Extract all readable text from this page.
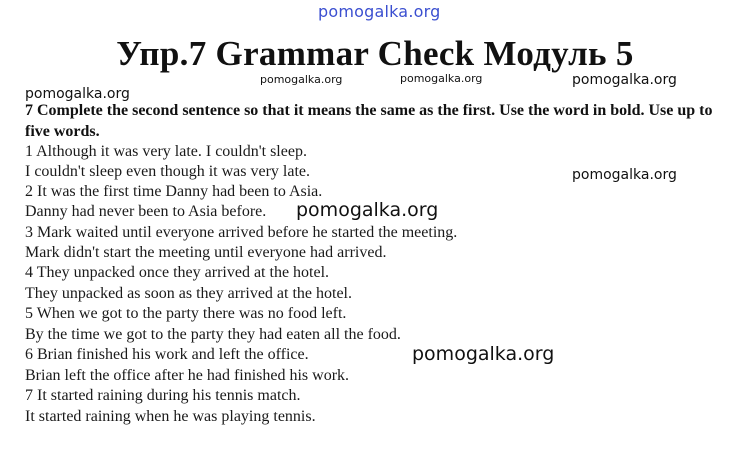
pomogalka.org
Упр.7 Grammar Check Модуль 5
pomogalka.org
pomogalka.org	pomogalka.org	pomogalka.org
7 Complete the second sentence so that it means the same as the first. Use the word in bold. Use up to five words.
1 Although it was very late. I couldn't sleep.
I couldn't sleep even though it was very late.
2 It was the first time Danny had been to Asia.
Danny had never been to Asia before.
3 Mark waited until everyone arrived before he started the meeting.
Mark didn't start the meeting until everyone had arrived.
4 They unpacked once they arrived at the hotel.
They unpacked as soon as they arrived at the hotel.
5 When we got to the party there was no food left.
By the time we got to the party they had eaten all the food.
6 Brian finished his work and left the office.
Brian left the office after he had finished his work.
7 It started raining during his tennis match.
It started raining when he was playing tennis.
pomogalka.org
pomogalka.org
pomogalka.org
